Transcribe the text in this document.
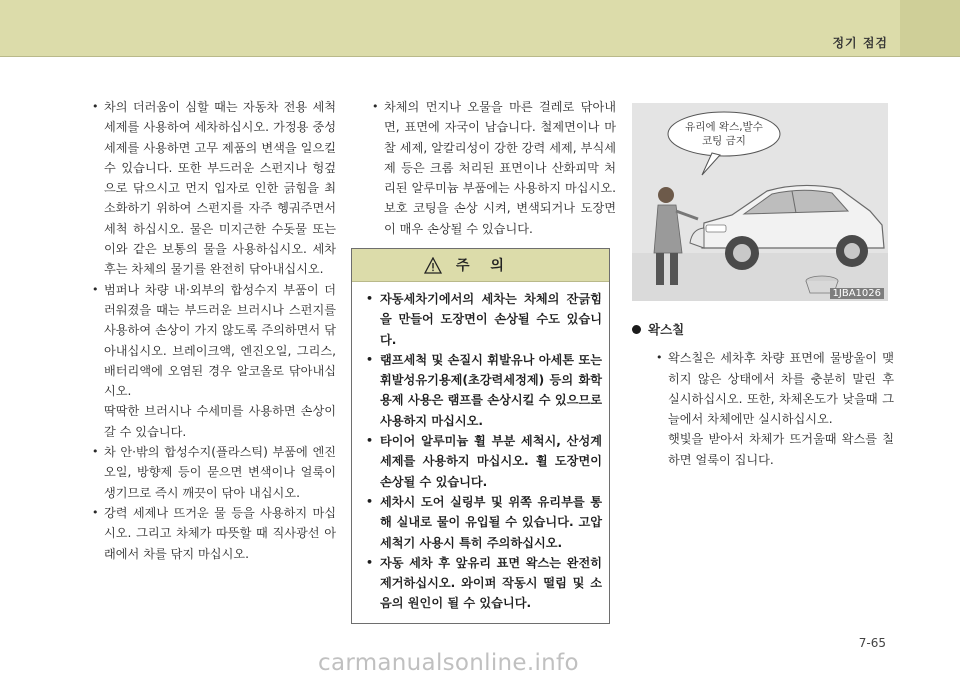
정기 점검
• 차의 더러움이 심할 때는 자동차 전용 세척세제를 사용하여 세차하십시오. 가정용 중성세제를 사용하면 고무 제품의 변색을 일으킬 수 있습니다. 또한 부드러운 스펀지나 헝겊으로 닦으시고 먼지 입자로 인한 긁힘을 최소화하기 위하여 스펀지를 자주 헹궈주면서 세척 하십시오. 물은 미지근한 수돗물 또는 이와 같은 보통의 물을 사용하십시오. 세차 후는 차체의 물기를 완전히 닦아내십시오.
• 범퍼나 차량 내·외부의 합성수지 부품이 더러워졌을 때는 부드러운 브러시나 스펀지를 사용하여 손상이 가지 않도록 주의하면서 닦아내십시오. 브레이크액, 엔진오일, 그리스, 배터리액에 오염된 경우 알코올로 닦아내십시오.
딱딱한 브러시나 수세미를 사용하면 손상이 갈 수 있습니다.
• 차 안·밖의 합성수지(플라스틱) 부품에 엔진오일, 방향제 등이 묻으면 변색이나 얼룩이 생기므로 즉시 깨끗이 닦아 내십시오.
• 강력 세제나 뜨거운 물 등을 사용하지 마십시오. 그리고 차체가 따뜻할 때 직사광선 아래에서 차를 닦지 마십시오.
• 차체의 먼지나 오물을 마른 걸레로 닦아내면, 표면에 자국이 남습니다. 철제면이나 마찰 세제, 알칼리성이 강한 강력 세제, 부식세제 등은 크롬 처리된 표면이나 산화피막 처리된 알루미늄 부품에는 사용하지 마십시오. 보호 코팅을 손상 시켜, 변색되거나 도장면이 매우 손상될 수 있습니다.
주 의
• 자동세차기에서의 세차는 차체의 잔긁힘을 만들어 도장면이 손상될 수도 있습니다.
• 램프세척 및 손질시 휘발유나 아세톤 또는 휘발성유기용제(초강력세정제) 등의 화학용제 사용은 램프를 손상시킬 수 있으므로 사용하지 마십시오.
• 타이어 알루미늄 휠 부분 세척시, 산성계 세제를 사용하지 마십시오. 휠 도장면이 손상될 수 있습니다.
• 세차시 도어 실링부 및 위쪽 유리부를 통해 실내로 물이 유입될 수 있습니다. 고압세척기 사용시 특히 주의하십시오.
• 자동 세차 후 앞유리 표면 왁스는 완전히 제거하십시오. 와이퍼 작동시 떨림 및 소음의 원인이 될 수 있습니다.
유리에 왁스,발수
코팅 금지
1JBA1026
왁스칠
• 왁스칠은 세차후 차량 표면에 물방울이 맺히지 않은 상태에서 차를 충분히 말린 후 실시하십시오. 또한, 차체온도가 낮을때 그늘에서 차체에만 실시하십시오.
햇빛을 받아서 차체가 뜨거울때 왁스를 칠하면 얼룩이 집니다.
7-65
carmanualsonline.info
